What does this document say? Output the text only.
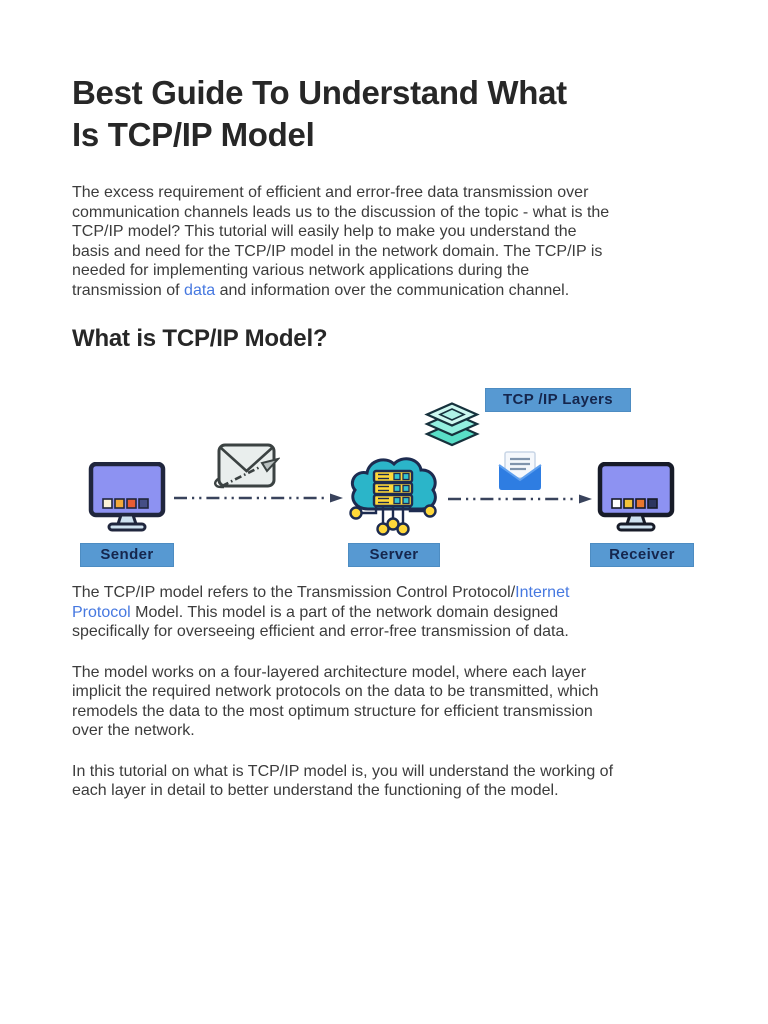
Best Guide To Understand What
Is TCP/IP Model
The excess requirement of efficient and error-free data transmission over
communication channels leads us to the discussion of the topic - what is the
TCP/IP model? This tutorial will easily help to make you understand the
basis and need for the TCP/IP model in the network domain. The TCP/IP is
needed for implementing various network applications during the
transmission of data and information over the communication channel.
What is TCP/IP Model?
TCP /IP Layers
Sender	Server	Receiver
The TCP/IP model refers to the Transmission Control Protocol/Internet
Protocol Model. This model is a part of the network domain designed
specifically for overseeing efficient and error-free transmission of data.
The model works on a four-layered architecture model, where each layer
implicit the required network protocols on the data to be transmitted, which
remodels the data to the most optimum structure for efficient transmission
over the network.
In this tutorial on what is TCP/IP model is, you will understand the working of
each layer in detail to better understand the functioning of the model.
